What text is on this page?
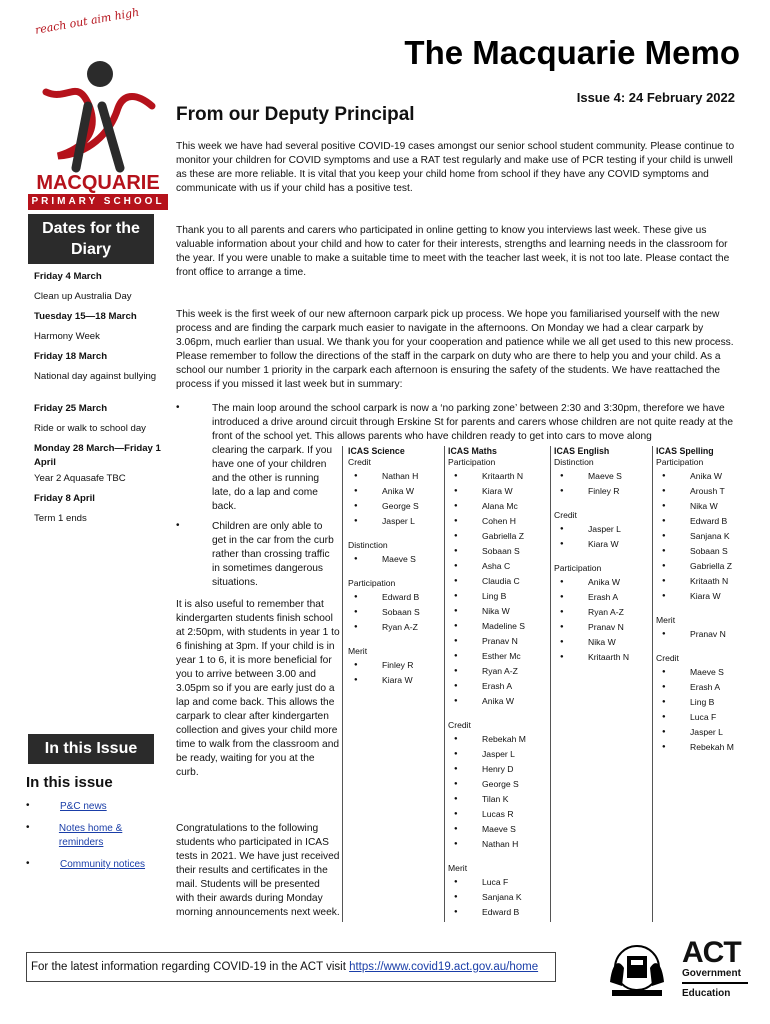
reach out aim high
MACQUARIE
PRIMARY SCHOOL
The Macquarie Memo
Issue 4: 24 February 2022
From our Deputy Principal
This week we have had several positive COVID-19 cases amongst our senior school student community. Please continue to monitor your children for COVID symptoms and use a RAT test regularly and make use of PCR testing if your child is unwell as these are more reliable. It is vital that you keep your child home from school if they have any COVID symptoms and communicate with us if your child has a positive test.
Thank you to all parents and carers who participated in online getting to know you interviews last week. These give us valuable information about your child and how to cater for their interests, strengths and learning needs in the classroom for the year. If you were unable to make a suitable time to meet with the teacher last week, it is not too late. Please contact the front office to arrange a time.
This week is the first week of our new afternoon carpark pick up process. We hope you familiarised yourself with the new process and are finding the carpark much easier to navigate in the afternoons. On Monday we had a clear carpark by 3.06pm, much earlier than usual. We thank you for your cooperation and patience while we all get used to this new process. Please remember to follow the directions of the staff in the carpark on duty who are there to help you and your child. As a school our number 1 priority in the carpark each afternoon is ensuring the safety of the students. We have reattached the process if you missed it last week but in summary:
•	The main loop around the school carpark is now a ‘no parking zone’ between 2:30 and 3:30pm, therefore we have introduced a drive around circuit through Erskine St for parents and carers whose children are not quite ready at the front of the school yet. This allows parents who have children ready to get into cars to move along
clearing the carpark. If you have one of your children and the other is running late, do a lap and come back.
•	Children are only able to get in the car from the curb rather than crossing traffic in sometimes dangerous situations.
It is also useful to remember that kindergarten students finish school at 2:50pm, with students in year 1 to 6 finishing at 3pm. If your child is in year 1 to 6, it is more beneficial for you to arrive between 3.00 and 3.05pm so if you are early just do a lap and come back. This allows the carpark to clear after kindergarten collection and gives your child more time to walk from the classroom and be ready, waiting for you at the curb.
Congratulations to the following students who participated in ICAS tests in 2021. We have just received their results and certificates in the mail. Students will be presented with their awards during Monday morning announcements next week.
ICAS Science
Credit
●	Nathan H
●	Anika W
●	George S
●	Jasper L
Distinction
●	Maeve S
Participation
●	Edward B
●	Sobaan S
●	Ryan A-Z
Merit
●	Finley R
●	Kiara W
ICAS Maths
Participation
●	Kritaarth N
●	Kiara W
●	Alana Mc
●	Cohen H
●	Gabriella Z
●	Sobaan S
●	Asha C
●	Claudia C
●	Ling B
●	Nika W
●	Madeline S
●	Pranav N
●	Esther Mc
●	Ryan A-Z
●	Erash A
●	Anika W
Credit
●	Rebekah M
●	Jasper L
●	Henry D
●	George S
●	Tilan K
●	Lucas R
●	Maeve S
●	Nathan H
Merit
●	Luca F
●	Sanjana K
●	Edward B
ICAS English
Distinction
●	Maeve S
●	Finley R
Credit
●	Jasper L
●	Kiara W
Participation
●	Anika W
●	Erash A
●	Ryan A-Z
●	Pranav N
●	Nika W
●	Kritaarth N
ICAS Spelling
Participation
●	Anika W
●	Aroush T
●	Nika W
●	Edward B
●	Sanjana K
●	Sobaan S
●	Gabriella Z
●	Kritaath N
●	Kiara W
Merit
●	Pranav N
Credit
●	Maeve S
●	Erash A
●	Ling B
●	Luca F
●	Jasper L
●	Rebekah M
Dates for the Diary
Friday 4 March
Clean up Australia Day
Tuesday 15—18 March
Harmony Week
Friday 18 March
National day against bullying
Friday 25 March
Ride or walk to school day
Monday 28 March—Friday 1 April
Year 2 Aquasafe TBC
Friday 8 April
Term 1 ends
In this Issue
In this issue
•	P&C news
•	Notes home & reminders
•	Community notices
For the latest information regarding COVID-19 in the ACT visit https://www.covid19.act.gov.au/home	ACT
Government
Education
